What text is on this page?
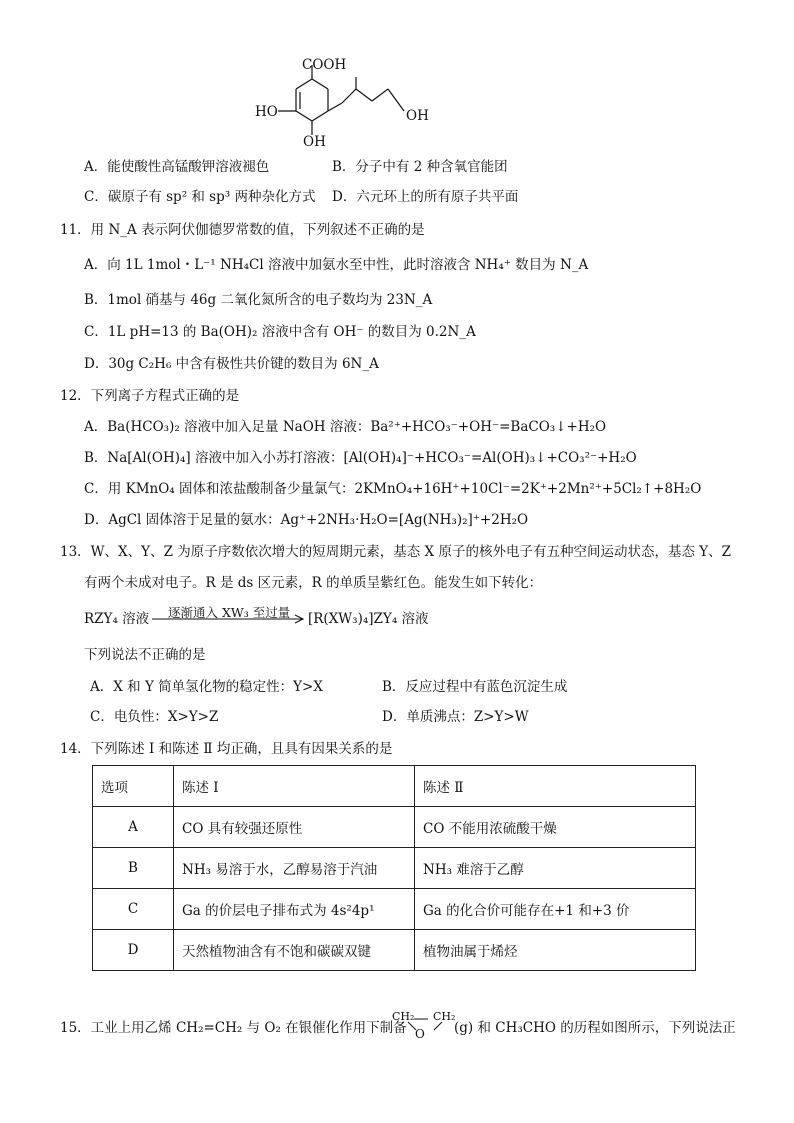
COOH
HO	OH
OH
A．能使酸性高锰酸钾溶液褪色	B．分子中有 2 种含氧官能团
C．碳原子有 sp² 和 sp³ 两种杂化方式 D．六元环上的所有原子共平面
11．用 N_A 表示阿伏伽德罗常数的值，下列叙述不正确的是
A．向 1L 1mol・L⁻¹ NH₄Cl 溶液中加氨水至中性，此时溶液含 NH₄⁺ 数目为 N_A
B．1mol 硝基与 46g 二氧化氮所含的电子数均为 23N_A
C．1L pH=13 的 Ba(OH)₂ 溶液中含有 OH⁻ 的数目为 0.2N_A
D．30g C₂H₆ 中含有极性共价键的数目为 6N_A
12．下列离子方程式正确的是
A．Ba(HCO₃)₂ 溶液中加入足量 NaOH 溶液：Ba²⁺+HCO₃⁻+OH⁻=BaCO₃↓+H₂O
B．Na[Al(OH)₄] 溶液中加入小苏打溶液：[Al(OH)₄]⁻+HCO₃⁻=Al(OH)₃↓+CO₃²⁻+H₂O
C．用 KMnO₄ 固体和浓盐酸制备少量氯气：2KMnO₄+16H⁺+10Cl⁻=2K⁺+2Mn²⁺+5Cl₂↑+8H₂O
D．AgCl 固体溶于足量的氨水：Ag⁺+2NH₃·H₂O=[Ag(NH₃)₂]⁺+2H₂O
13．W、X、Y、Z 为原子序数依次增大的短周期元素，基态 X 原子的核外电子有五种空间运动状态，基态 Y、Z
有两个未成对电子。R 是 ds 区元素，R 的单质呈紫红色。能发生如下转化：
RZY₄ 溶液 逐渐通入 XW₃ 至过量 [R(XW₃)₄]ZY₄ 溶液
下列说法不正确的是
A．X 和 Y 简单氢化物的稳定性：Y>X	B．反应过程中有蓝色沉淀生成
C．电负性：X>Y>Z	D．单质沸点：Z>Y>W
14．下列陈述 I 和陈述 Ⅱ 均正确，且具有因果关系的是
选项	陈述 I	陈述 Ⅱ
A	CO 具有较强还原性	CO 不能用浓硫酸干燥
B	NH₃ 易溶于水，乙醇易溶于汽油	NH₃ 难溶于乙醇
C	Ga 的价层电子排布式为 4s²4p¹	Ga 的化合价可能存在+1 和+3 价
D	天然植物油含有不饱和碳碳双键	植物油属于烯烃
15．工业上用乙烯 CH₂=CH₂ 与 O₂ 在银催化作用下制备
CH₂ CH₂
O (g) 和 CH₃CHO 的历程如图所示，下列说法正
